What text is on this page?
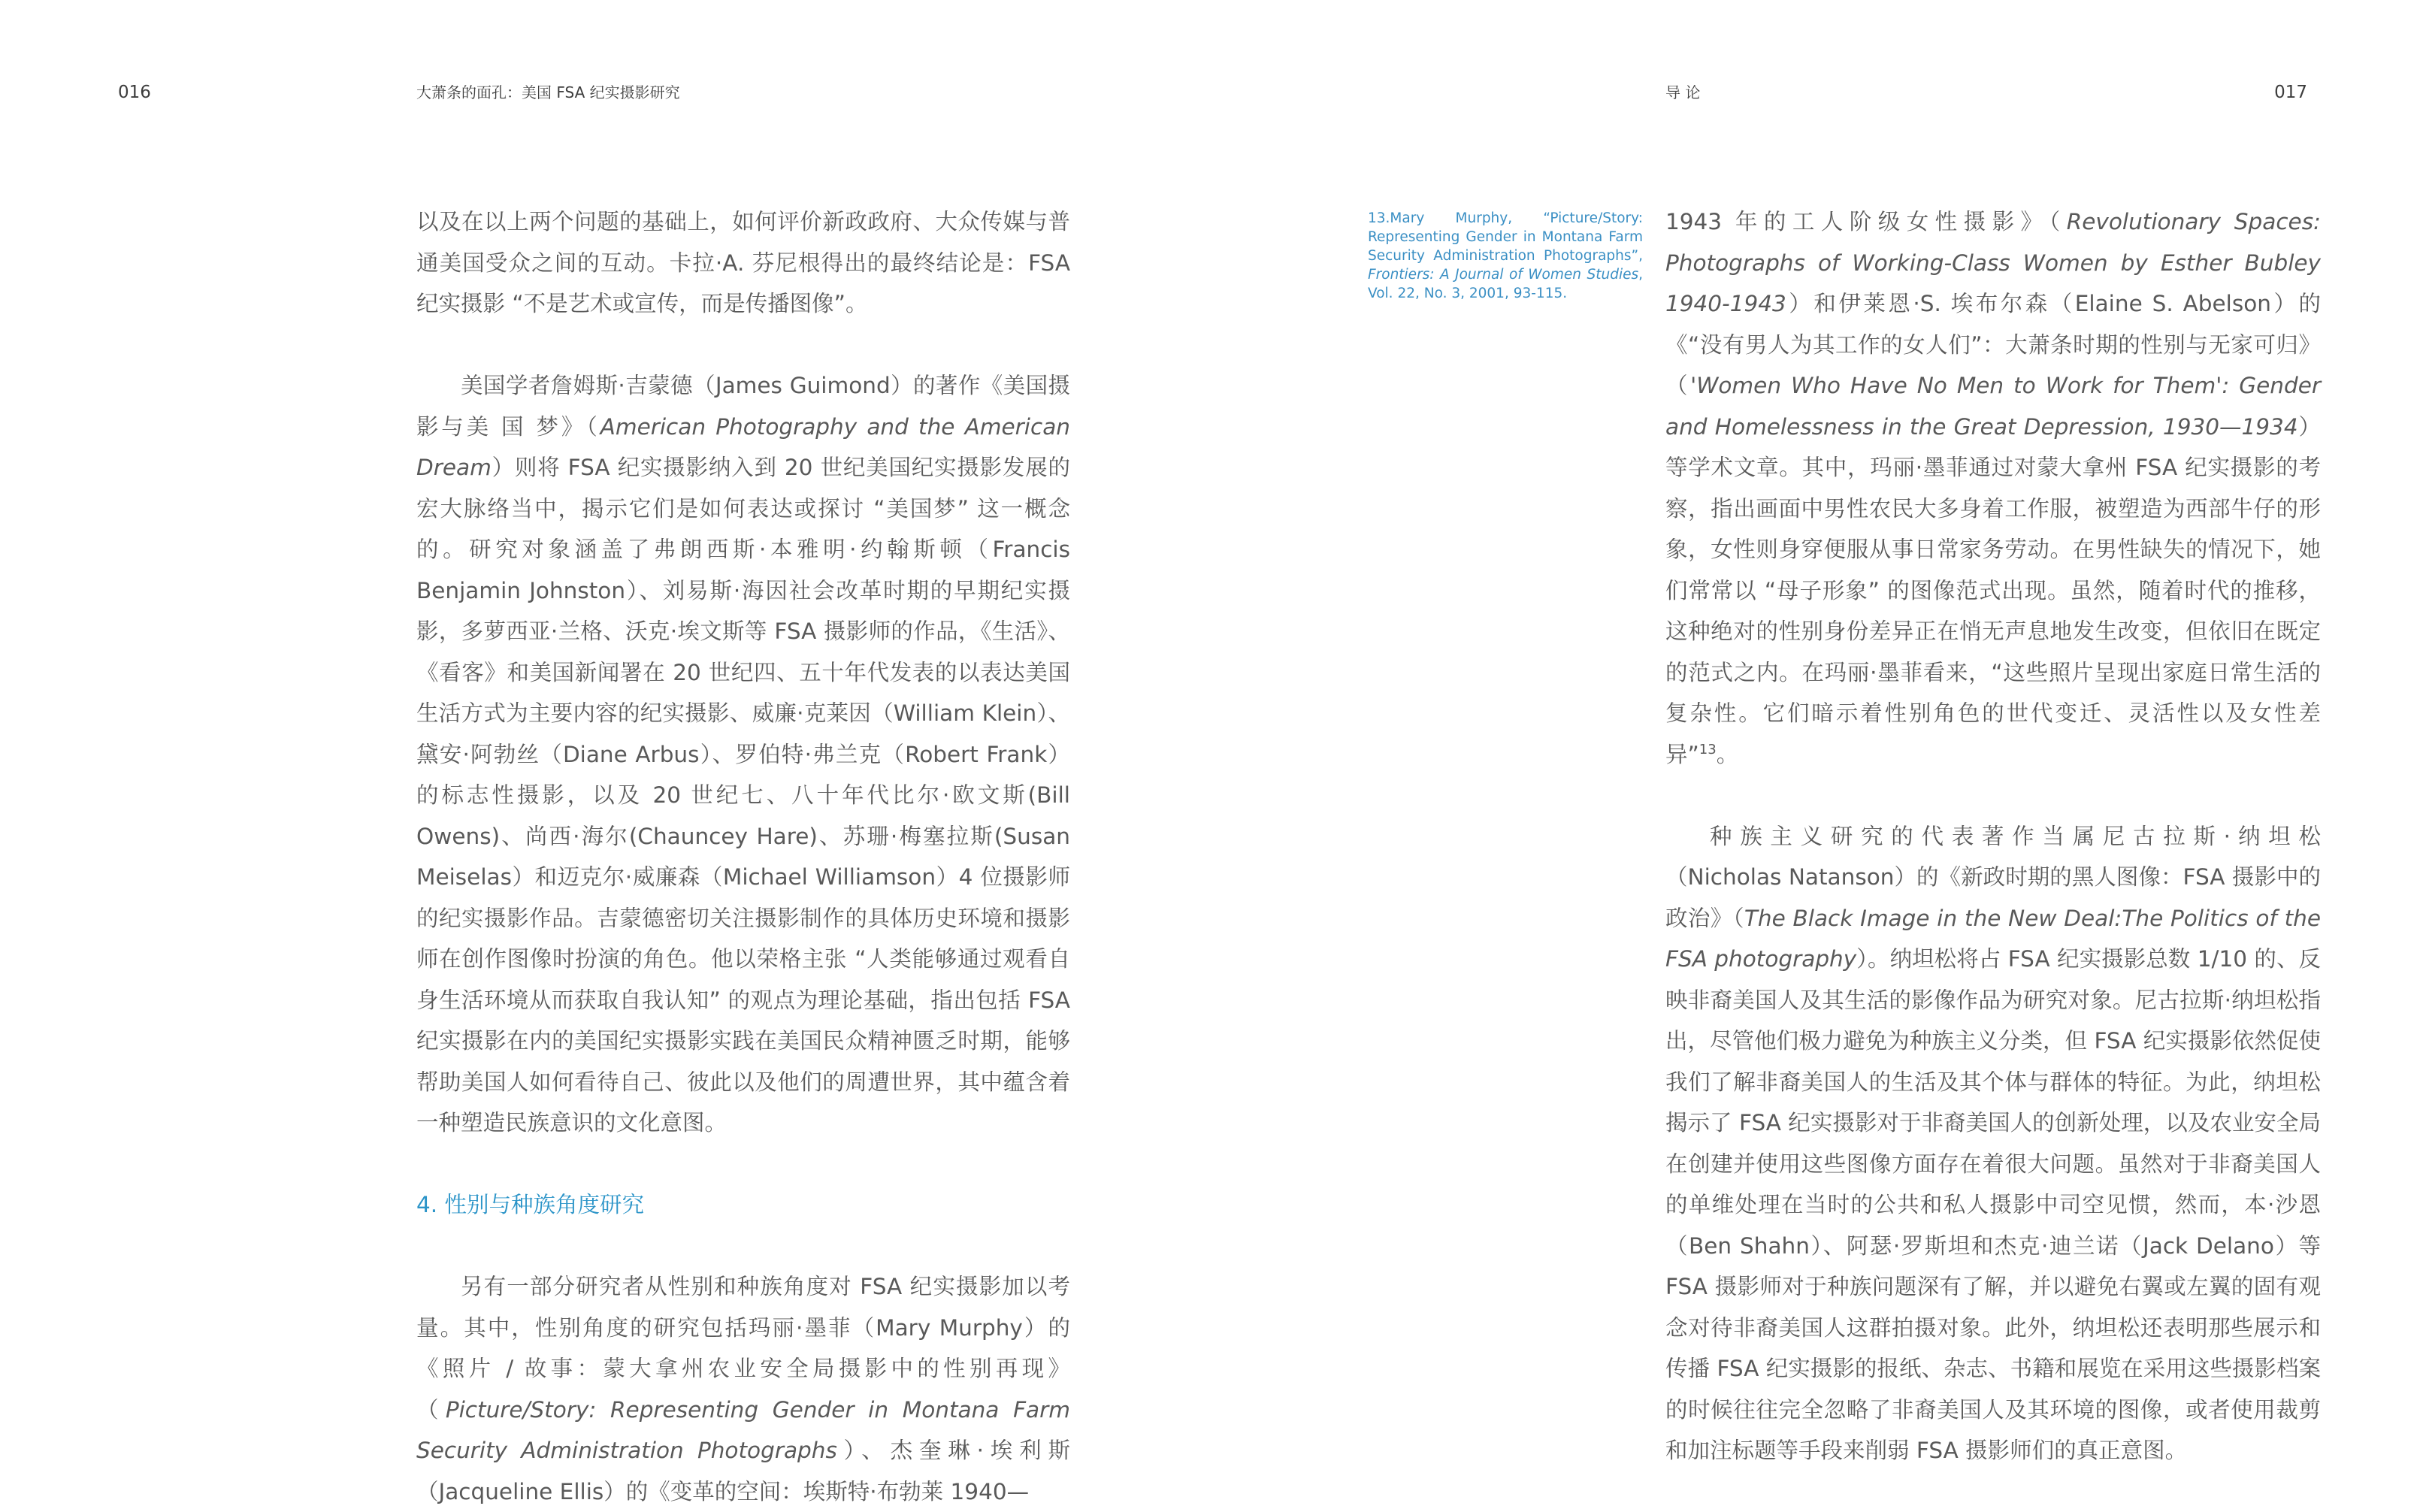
016	大萧条的面孔：美国 FSA 纪实摄影研究

以及在以上两个问题的基础上，如何评价新政政府、大众传媒与普通美国受众之间的互动。卡拉·A. 芬尼根得出的最终结论是：FSA 纪实摄影 “不是艺术或宣传，而是传播图像”。

美国学者詹姆斯·吉蒙德（James Guimond）的著作《美国摄影与美 国 梦》（American Photography and the American Dream）则将 FSA 纪实摄影纳入到 20 世纪美国纪实摄影发展的宏大脉络当中，揭示它们是如何表达或探讨 “美国梦” 这一概念的。研究对象涵盖了弗朗西斯·本雅明·约翰斯顿（Francis Benjamin Johnston）、刘易斯·海因社会改革时期的早期纪实摄影，多萝西亚·兰格、沃克·埃文斯等 FSA 摄影师的作品，《生活》、《看客》和美国新闻署在 20 世纪四、五十年代发表的以表达美国生活方式为主要内容的纪实摄影、威廉·克莱因（William Klein）、黛安·阿勃丝（Diane Arbus）、罗伯特·弗兰克（Robert Frank）的标志性摄影，以及 20 世纪七、八十年代比尔·欧文斯(Bill Owens)、尚西·海尔(Chauncey Hare)、苏珊·梅塞拉斯(Susan Meiselas）和迈克尔·威廉森（Michael Williamson）4 位摄影师的纪实摄影作品。吉蒙德密切关注摄影制作的具体历史环境和摄影师在创作图像时扮演的角色。他以荣格主张 “人类能够通过观看自身生活环境从而获取自我认知” 的观点为理论基础，指出包括 FSA 纪实摄影在内的美国纪实摄影实践在美国民众精神匮乏时期，能够帮助美国人如何看待自己、彼此以及他们的周遭世界，其中蕴含着一种塑造民族意识的文化意图。

4. 性别与种族角度研究

另有一部分研究者从性别和种族角度对 FSA 纪实摄影加以考量。其中，性别角度的研究包括玛丽·墨菲（Mary Murphy）的《照片 / 故事：蒙大拿州农业安全局摄影中的性别再现》（Picture/Story: Representing Gender in Montana Farm Security Administration Photographs）、杰奎琳·埃利斯（Jacqueline Ellis）的《变革的空间：埃斯特·布勃莱 1940—

导 论	017
13.Mary Murphy, “Picture/Story: Representing Gender in Montana Farm Security Administration Photographs”, Frontiers: A Journal of Women Studies, Vol. 22, No. 3, 2001, 93-115.

1943 年的工人阶级女性摄影》（Revolutionary Spaces: Photographs of Working-Class Women by Esther Bubley 1940-1943）和伊莱恩·S. 埃布尔森（Elaine S. Abelson）的《“没有男人为其工作的女人们”：大萧条时期的性别与无家可归》（'Women Who Have No Men to Work for Them': Gender and Homelessness in the Great Depression, 1930—1934）等学术文章。其中，玛丽·墨菲通过对蒙大拿州 FSA 纪实摄影的考察，指出画面中男性农民大多身着工作服，被塑造为西部牛仔的形象，女性则身穿便服从事日常家务劳动。在男性缺失的情况下，她们常常以 “母子形象” 的图像范式出现。虽然，随着时代的推移，这种绝对的性别身份差异正在悄无声息地发生改变，但依旧在既定的范式之内。在玛丽·墨菲看来，“这些照片呈现出家庭日常生活的复杂性。它们暗示着性别角色的世代变迁、灵活性以及女性差异”$^{13}$。

种 族 主 义 研 究 的 代 表 著 作 当 属 尼 古 拉 斯 · 纳 坦 松（Nicholas Natanson）的《新政时期的黑人图像：FSA 摄影中的政治》（The Black Image in the New Deal:The Politics of the FSA photography）。纳坦松将占 FSA 纪实摄影总数 1/10 的、反映非裔美国人及其生活的影像作品为研究对象。尼古拉斯·纳坦松指出，尽管他们极力避免为种族主义分类，但 FSA 纪实摄影依然促使我们了解非裔美国人的生活及其个体与群体的特征。为此，纳坦松揭示了 FSA 纪实摄影对于非裔美国人的创新处理，以及农业安全局在创建并使用这些图像方面存在着很大问题。虽然对于非裔美国人的单维处理在当时的公共和私人摄影中司空见惯，然而，本·沙恩（Ben Shahn）、阿瑟·罗斯坦和杰克·迪兰诺（Jack Delano）等 FSA 摄影师对于种族问题深有了解，并以避免右翼或左翼的固有观念对待非裔美国人这群拍摄对象。此外，纳坦松还表明那些展示和传播 FSA 纪实摄影的报纸、杂志、书籍和展览在采用这些摄影档案的时候往往完全忽略了非裔美国人及其环境的图像，或者使用裁剪和加注标题等手段来削弱 FSA 摄影师们的真正意图。
